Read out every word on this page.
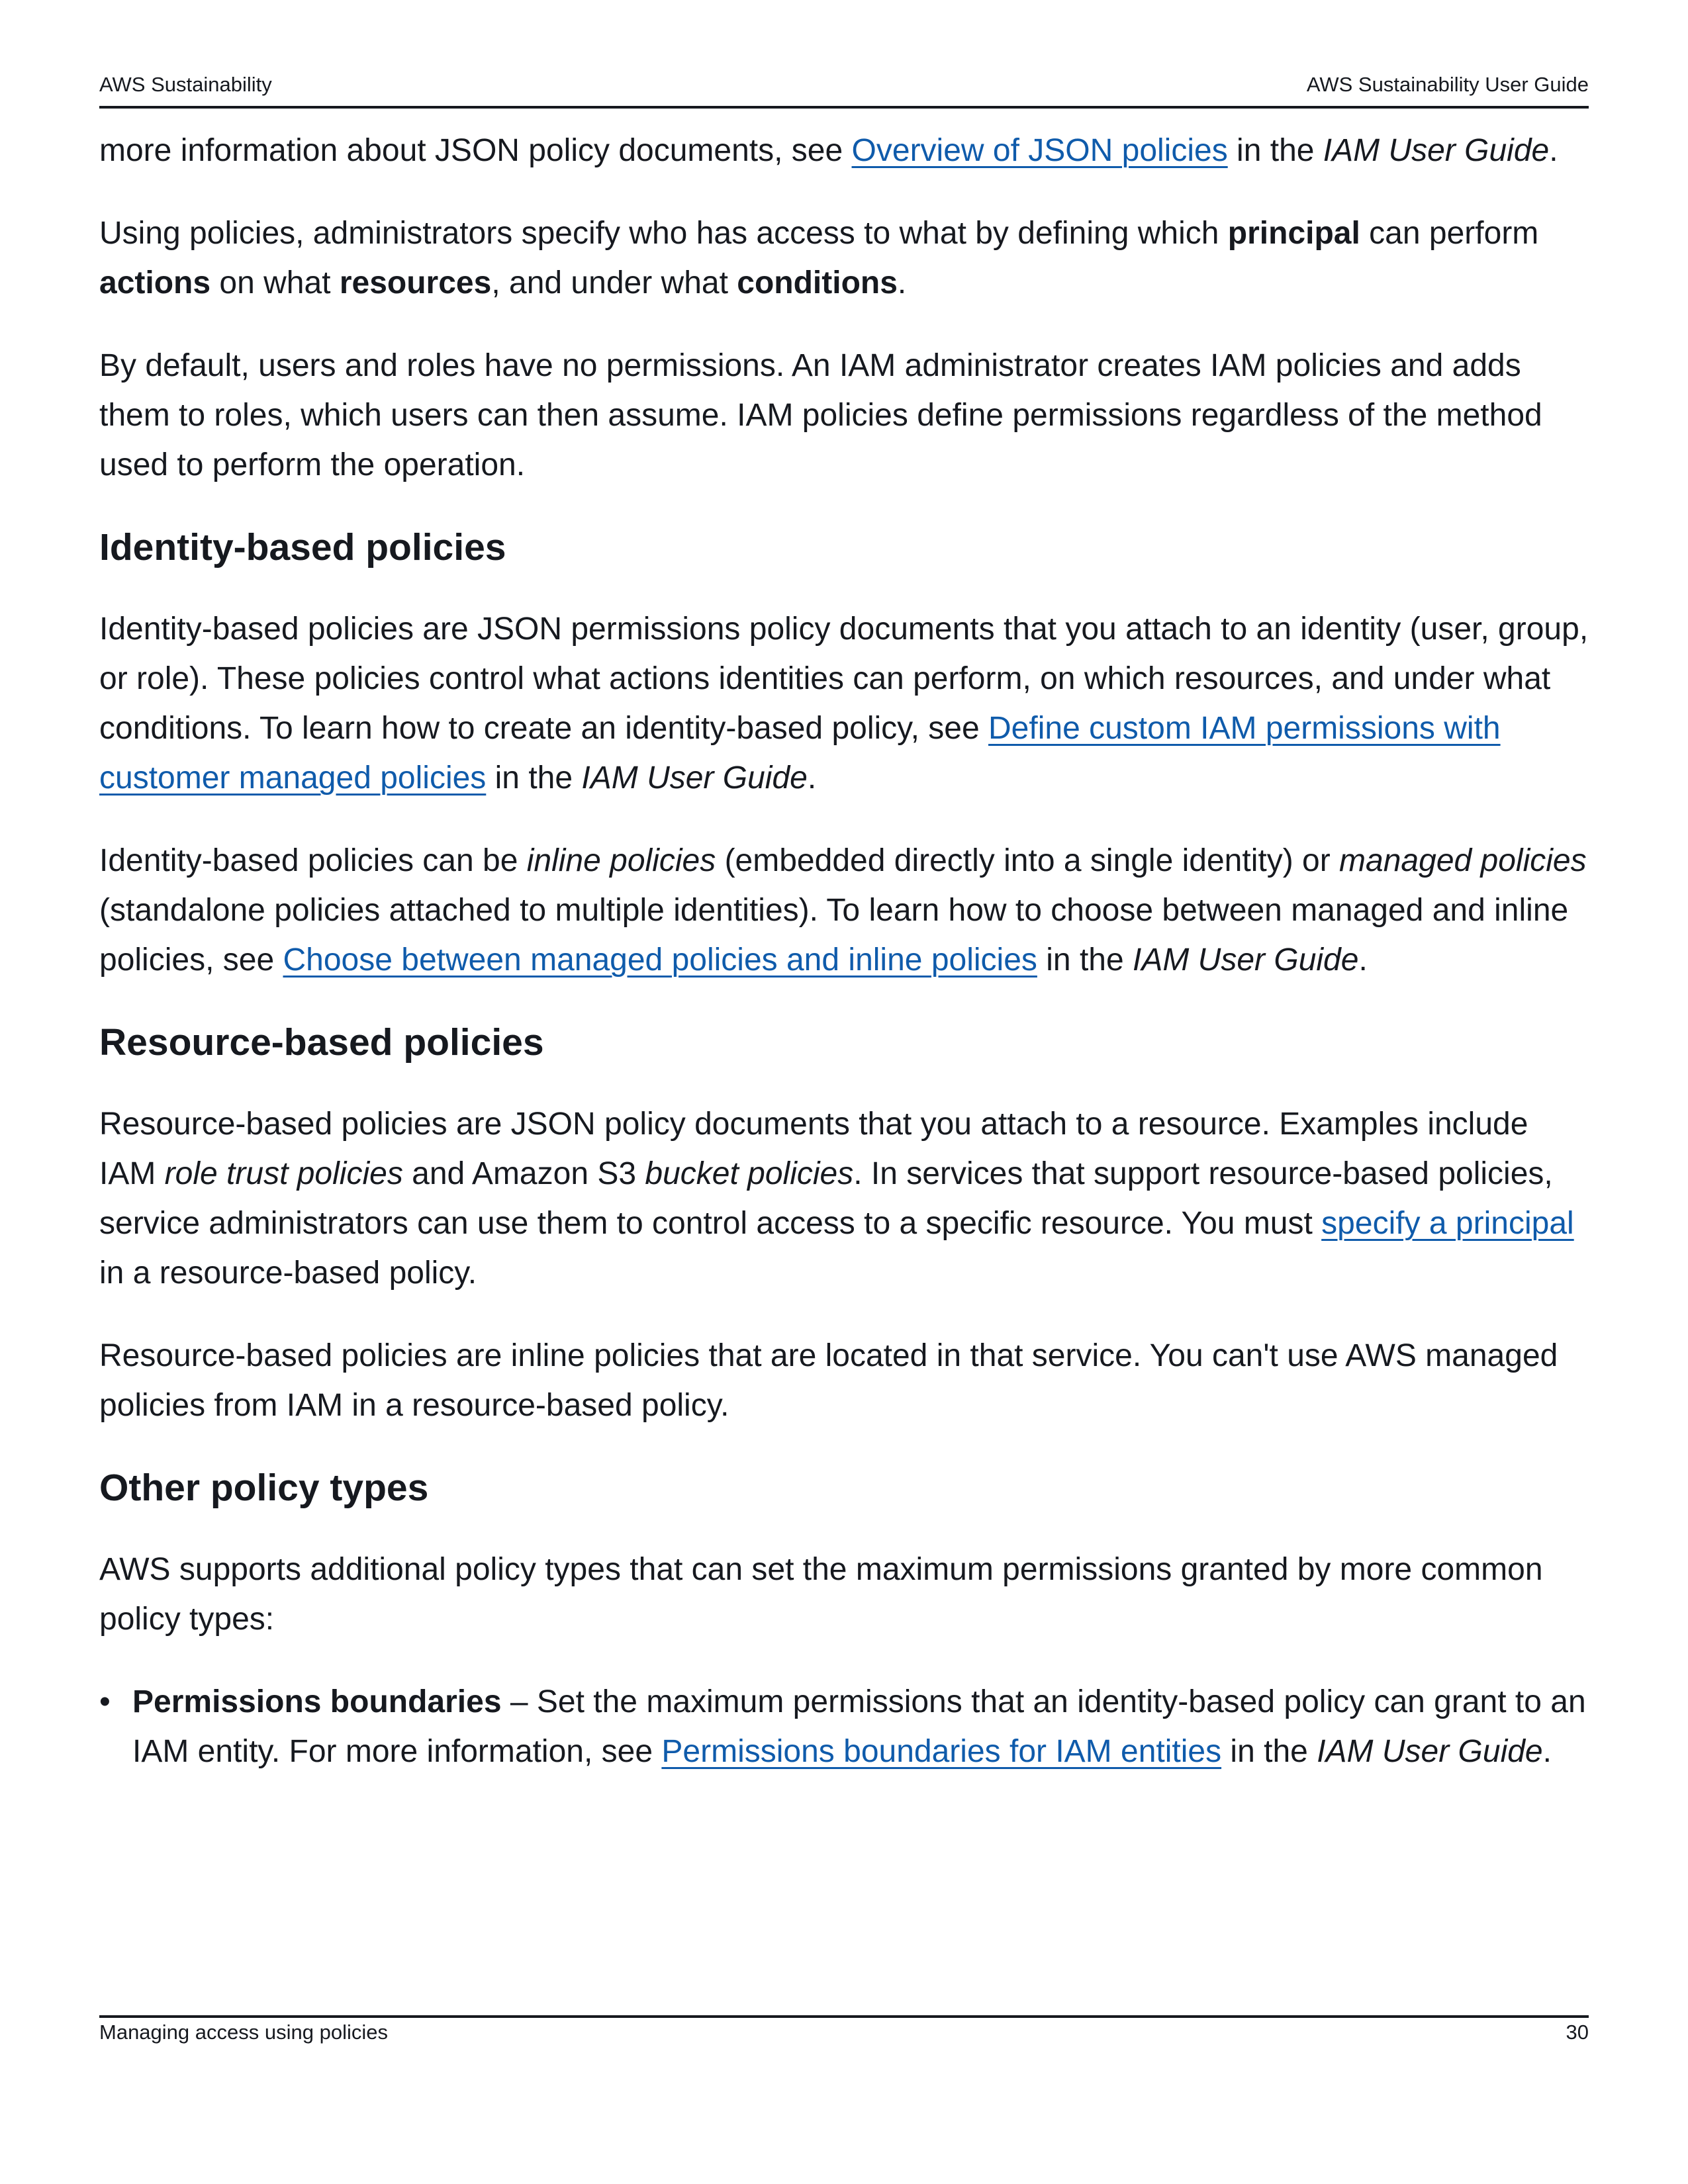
AWS Sustainability	AWS Sustainability User Guide

more information about JSON policy documents, see Overview of JSON policies in the IAM User Guide.

Using policies, administrators specify who has access to what by defining which principal can perform actions on what resources, and under what conditions.

By default, users and roles have no permissions. An IAM administrator creates IAM policies and adds them to roles, which users can then assume. IAM policies define permissions regardless of the method used to perform the operation.

Identity-based policies

Identity-based policies are JSON permissions policy documents that you attach to an identity (user, group, or role). These policies control what actions identities can perform, on which resources, and under what conditions. To learn how to create an identity-based policy, see Define custom IAM permissions with customer managed policies in the IAM User Guide.

Identity-based policies can be inline policies (embedded directly into a single identity) or managed policies (standalone policies attached to multiple identities). To learn how to choose between managed and inline policies, see Choose between managed policies and inline policies in the IAM User Guide.

Resource-based policies

Resource-based policies are JSON policy documents that you attach to a resource. Examples include IAM role trust policies and Amazon S3 bucket policies. In services that support resource-based policies, service administrators can use them to control access to a specific resource. You must specify a principal in a resource-based policy.

Resource-based policies are inline policies that are located in that service. You can't use AWS managed policies from IAM in a resource-based policy.

Other policy types

AWS supports additional policy types that can set the maximum permissions granted by more common policy types:

• Permissions boundaries – Set the maximum permissions that an identity-based policy can grant to an IAM entity. For more information, see Permissions boundaries for IAM entities in the IAM User Guide.
Managing access using policies	30
